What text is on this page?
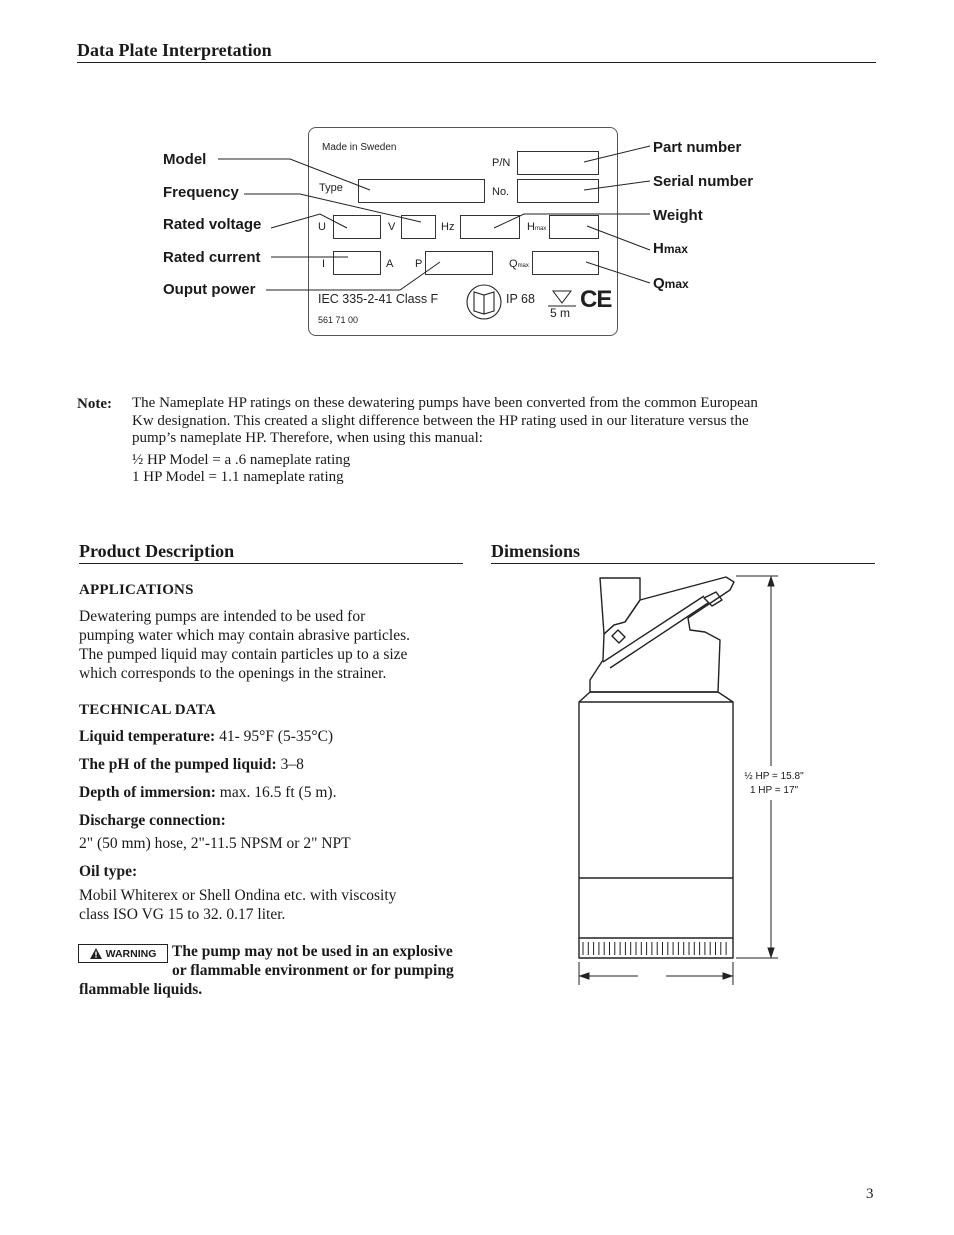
Data Plate Interpretation
Made in Sweden
P/N
Type	No.
U	V	Hz	Hmax
I	A P	Qmax
IEC 335-2-41 Class F
561 71 00
IP 68
5 m CE
Model
Frequency
Rated voltage
Rated current
Ouput power
Part number
Serial number
Weight
Hmax
Qmax
Note: The Nameplate HP ratings on these dewatering pumps have been converted from the common European

Kw designation. This created a slight difference between the HP rating used in our literature versus the

pump’s nameplate HP. Therefore, when using this manual:

½ HP Model = a .6 nameplate rating

1 HP Model = 1.1 nameplate rating

Product Description
APPLICATIONS
Dewatering pumps are intended to be used for
pumping water which may contain abrasive particles.
The pumped liquid may contain particles up to a size
which corresponds to the openings in the strainer.
TECHNICAL DATA
Liquid temperature: 41- 95°F (5-35°C)
The pH of the pumped liquid: 3–8
Depth of immersion: max. 16.5 ft (5 m).
Discharge connection:
2" (50 mm) hose, 2"-11.5 NPSM or 2" NPT
Oil type:
Mobil Whiterex or Shell Ondina etc. with viscosity
class ISO VG 15 to 32. 0.17 liter.
WARNING	The pump may not be used in an explosive
or flammable environment or for pumping
flammable liquids.
Dimensions
½ HP = 15.8"
1 HP = 17"
3
